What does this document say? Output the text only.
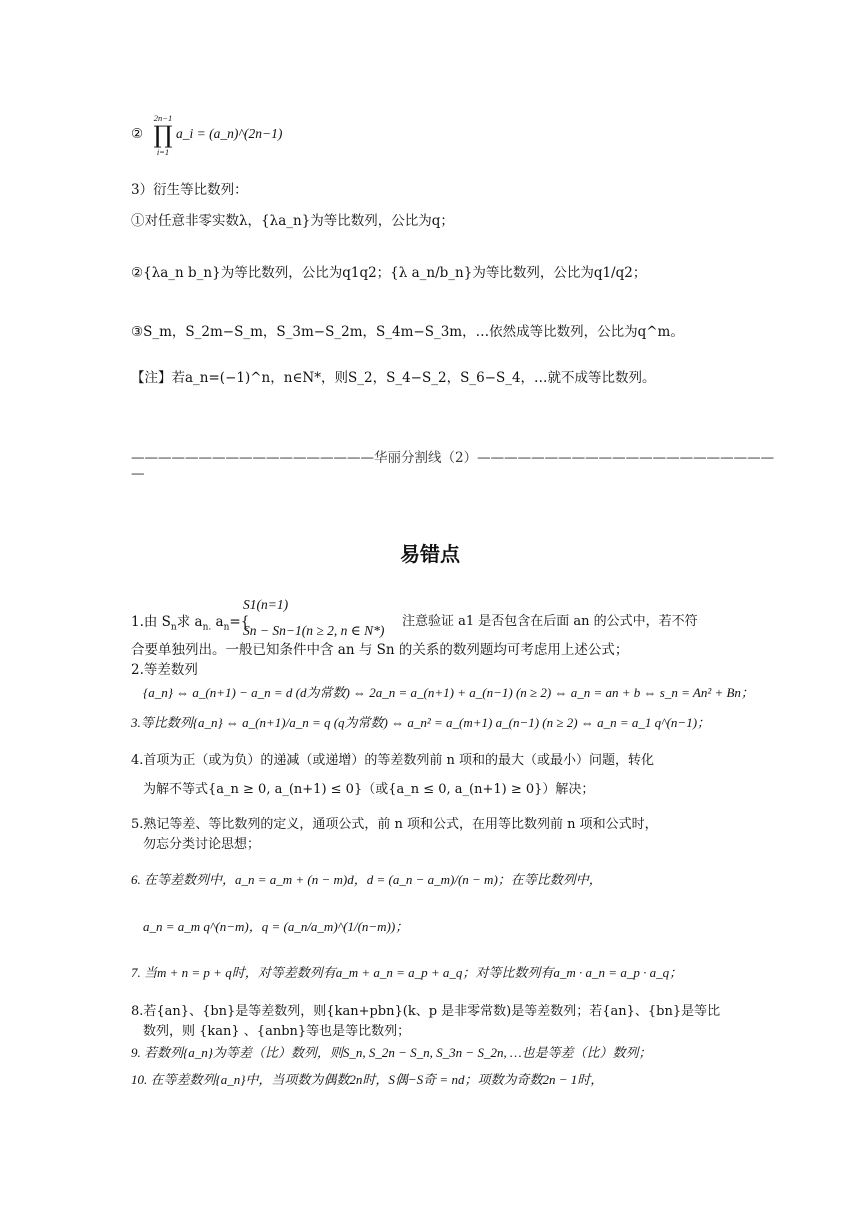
②
2n−1
∏
i=1
a_i = (a_n)^(2n−1)
3）衍生等比数列：
①对任意非零实数λ，{λa_n}为等比数列，公比为q；
②{λa_n b_n}为等比数列，公比为q1q2；{λ a_n/b_n}为等比数列，公比为q1/q2；
③S_m，S_2m−S_m，S_3m−S_2m，S_4m−S_3m，…依然成等比数列，公比为q^m。
【注】若a_n=(−1)^n，n∈N*，则S_2，S_4−S_2，S_6−S_4，…就不成等比数列。
——————————————————华丽分割线（2）——————————————————————
—
易错点
1.由 $S_n$求 $a_{n.}$ $a_n=${
S1(n=1)
Sn − Sn−1(n ≥ 2, n ∈ N*)
注意验证 a1 是否包含在后面 an 的公式中，若不符
合要单独列出。一般已知条件中含 an 与 Sn 的关系的数列题均可考虑用上述公式；
2.等差数列
{a_n} ⇔ a_(n+1) − a_n = d (d为常数) ⇔ 2a_n = a_(n+1) + a_(n−1) (n ≥ 2) ⇔ a_n = an + b ⇔ s_n = An² + Bn；
3.等比数列{a_n} ⇔ a_(n+1)/a_n = q (q为常数) ⇔ a_n² = a_(m+1) a_(n−1) (n ≥ 2) ⇔ a_n = a_1 q^(n−1)；
4.首项为正（或为负）的递减（或递增）的等差数列前 n 项和的最大（或最小）问题，转化
为解不等式{a_n ≥ 0, a_(n+1) ≤ 0}（或{a_n ≤ 0, a_(n+1) ≥ 0}）解决；
5.熟记等差、等比数列的定义，通项公式，前 n 项和公式，在用等比数列前 n 项和公式时，
勿忘分类讨论思想；
6. 在等差数列中，a_n = a_m + (n − m)d，d = (a_n − a_m)/(n − m)；在等比数列中，
a_n = a_m q^(n−m)，q = (a_n/a_m)^(1/(n−m))；
7. 当m + n = p + q时，对等差数列有a_m + a_n = a_p + a_q；对等比数列有a_m · a_n = a_p · a_q；
8.若{an}、{bn}是等差数列，则{kan+pbn}(k、p 是非零常数)是等差数列；若{an}、{bn}是等比
数列，则 {kan} 、{anbn}等也是等比数列；
9. 若数列{a_n}为等差（比）数列，则S_n, S_2n − S_n, S_3n − S_2n, …也是等差（比）数列；
10. 在等差数列{a_n}中，当项数为偶数2n时，S偶−S奇 = nd；项数为奇数2n − 1时，
